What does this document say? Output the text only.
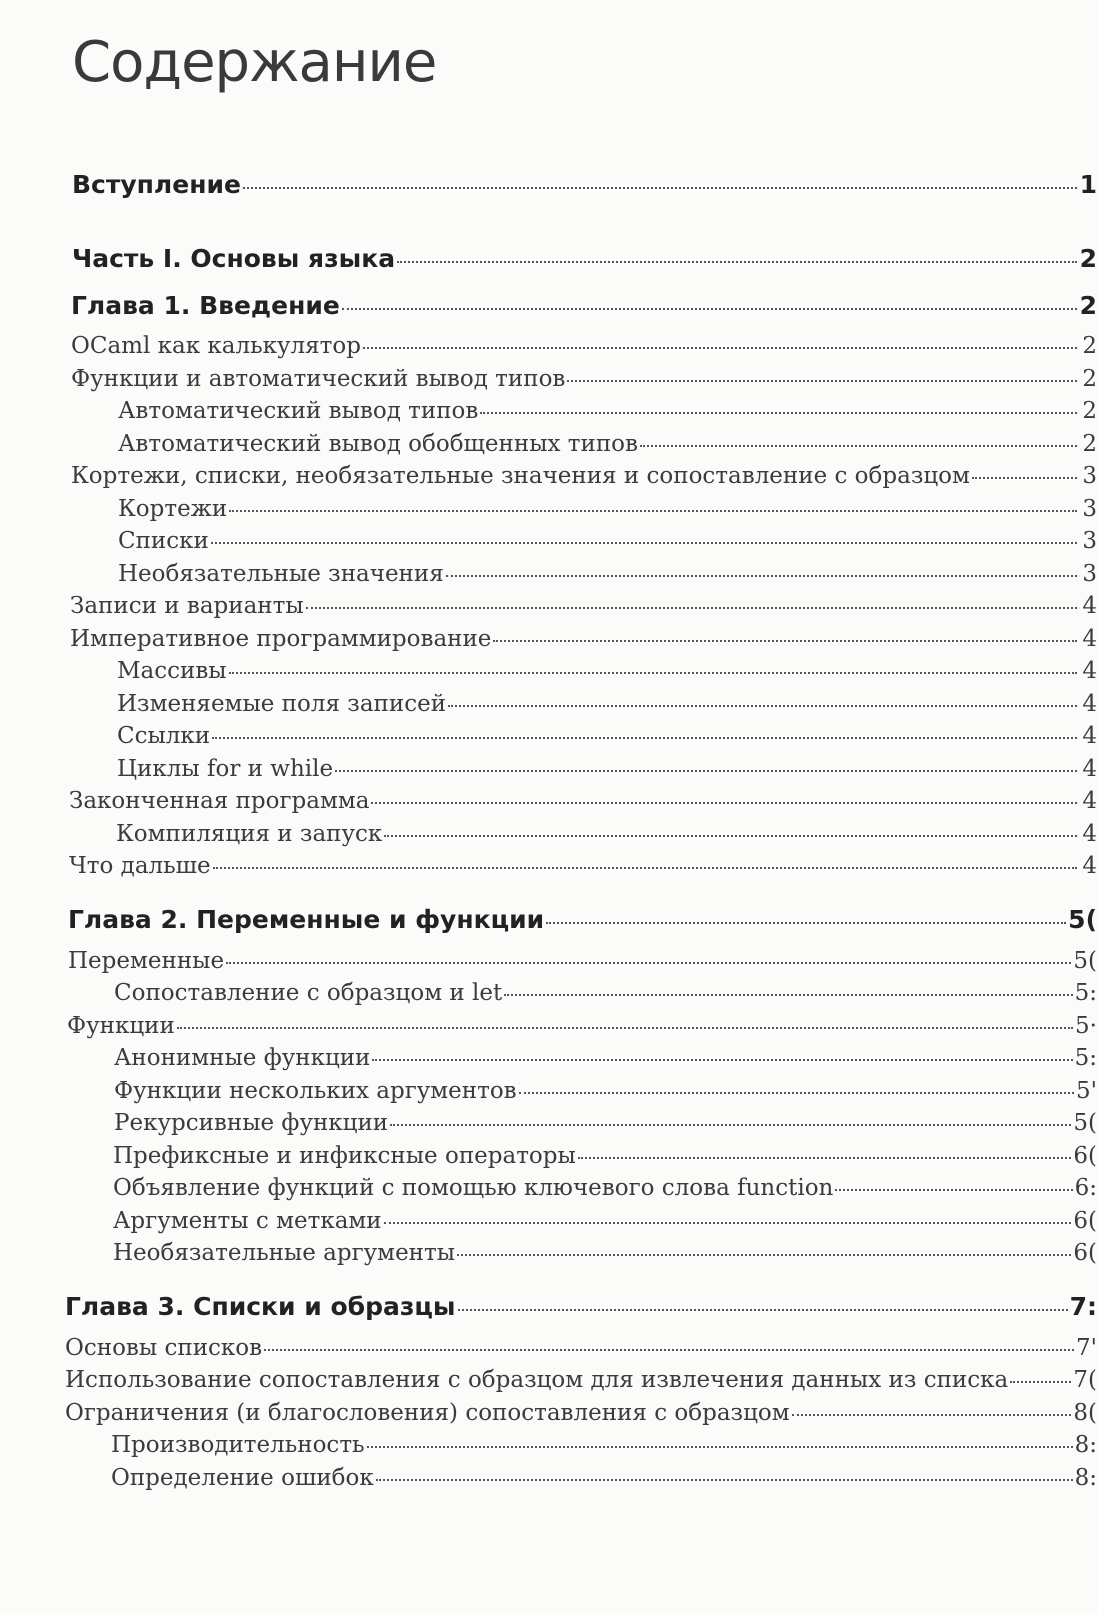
Содержание
Вступление	1
Часть I. Основы языка	2
Глава 1. Введение	2
OCaml как калькулятор	2
Функции и автоматический вывод типов	2
Автоматический вывод типов	2
Автоматический вывод обобщенных типов	2
Кортежи, списки, необязательные значения и сопоставление с образцом	3
Кортежи	3
Списки	3
Необязательные значения	3
Записи и варианты	4
Императивное программирование	4
Массивы	4
Изменяемые поля записей	4
Ссылки	4
Циклы for и while	4
Законченная программа	4
Компиляция и запуск	4
Что дальше	4
Глава 2. Переменные и функции	5(
Переменные	5(
Сопоставление с образцом и let	5:
Функции	5·
Анонимные функции	5:
Функции нескольких аргументов	5'
Рекурсивные функции	5(
Префиксные и инфиксные операторы	6(
Объявление функций с помощью ключевого слова function	6:
Аргументы с метками	6(
Необязательные аргументы	6(
Глава 3. Списки и образцы	7:
Основы списков	7'
Использование сопоставления с образцом для извлечения данных из списка	7(
Ограничения (и благословения) сопоставления с образцом	8(
Производительность	8:
Определение ошибок	8:
